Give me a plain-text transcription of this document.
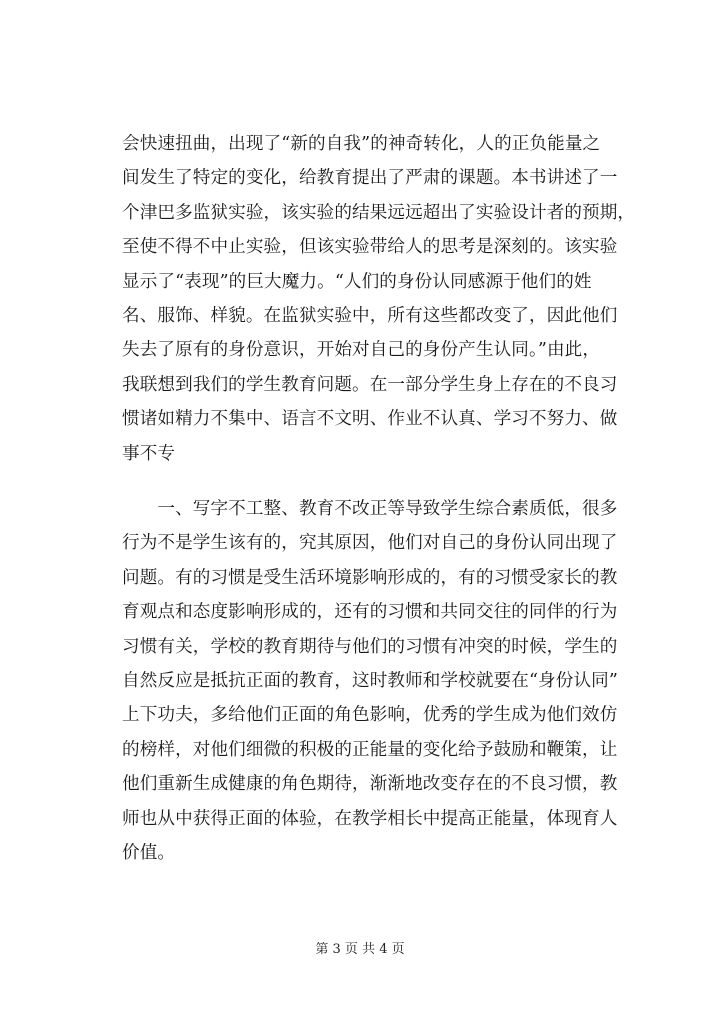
会快速扭曲，出现了“新的自我”的神奇转化，人的正负能量之
间发生了特定的变化，给教育提出了严肃的课题。本书讲述了一
个津巴多监狱实验，该实验的结果远远超出了实验设计者的预期，
至使不得不中止实验，但该实验带给人的思考是深刻的。该实验
显示了“表现”的巨大魔力。“人们的身份认同感源于他们的姓
名、服饰、样貌。在监狱实验中，所有这些都改变了，因此他们
失去了原有的身份意识，开始对自己的身份产生认同。”由此，
我联想到我们的学生教育问题。在一部分学生身上存在的不良习
惯诸如精力不集中、语言不文明、作业不认真、学习不努力、做
事不专
　　一、写字不工整、教育不改正等导致学生综合素质低，很多
行为不是学生该有的，究其原因，他们对自己的身份认同出现了
问题。有的习惯是受生活环境影响形成的，有的习惯受家长的教
育观点和态度影响形成的，还有的习惯和共同交往的同伴的行为
习惯有关，学校的教育期待与他们的习惯有冲突的时候，学生的
自然反应是抵抗正面的教育，这时教师和学校就要在“身份认同”
上下功夫，多给他们正面的角色影响，优秀的学生成为他们效仿
的榜样，对他们细微的积极的正能量的变化给予鼓励和鞭策，让
他们重新生成健康的角色期待，渐渐地改变存在的不良习惯，教
师也从中获得正面的体验，在教学相长中提高正能量，体现育人
价值。
第 3 页 共 4 页
